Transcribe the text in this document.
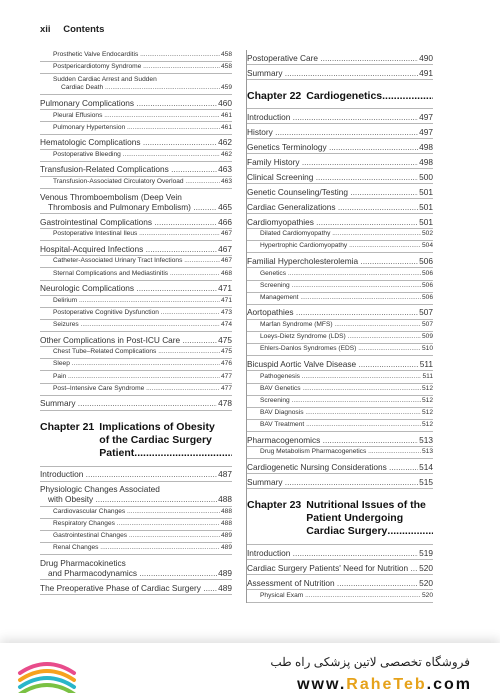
xii Contents
Prosthetic Valve Endocarditis .....	458
Postpericardiotomy Syndrome .....	458
Sudden Cardiac Arrest and Sudden
Cardiac Death .....	459
Pulmonary Complications .....	460
Pleural Effusions .....	461
Pulmonary Hypertension .....	461
Hematologic Complications .....	462
Postoperative Bleeding .....	462
Transfusion-Related Complications .....	463
Transfusion-Associated Circulatory Overload .....	463
Venous Thromboembolism (Deep Vein
Thrombosis and Pulmonary Embolism) .....	465
Gastrointestinal Complications .....	466
Postoperative Intestinal Ileus .....	467
Hospital-Acquired Infections .....	467
Catheter-Associated Urinary Tract Infections .....	467
Sternal Complications and Mediastinitis .....	468
Neurologic Complications .....	471
Delirium .....	471
Postoperative Cognitive Dysfunction .....	473
Seizures .....	474
Other Complications in Post-ICU Care .....	475
Chest Tube–Related Complications .....	475
Sleep .....	476
Pain .....	477
Post–Intensive Care Syndrome .....	477
Summary .....	478
Chapter 21 Implications of Obesity
of the Cardiac Surgery
Patient
.....
Introduction .....	487
Physiologic Changes Associated
with Obesity .....	488
Cardiovascular Changes .....	488
Respiratory Changes .....	488
Gastrointestinal Changes .....	489
Renal Changes .....	489
Drug Pharmacokinetics
and Pharmacodynamics .....	489
The Preoperative Phase of Cardiac Surgery .....	489
Postoperative Care .....	490
Summary .....	491
Chapter 22 Cardiogenetics
.....
Introduction .....	497
History .....	497
Genetics Terminology .....	498
Family History .....	498
Clinical Screening .....	500
Genetic Counseling/Testing .....	501
Cardiac Generalizations .....	501
Cardiomyopathies .....	501
Dilated Cardiomyopathy .....	502
Hypertrophic Cardiomyopathy .....	504
Familial Hypercholesterolemia .....	506
Genetics .....	506
Screening .....	506
Management .....	506
Aortopathies .....	507
Marfan Syndrome (MFS) .....	507
Loeys-Dietz Syndrome (LDS) .....	509
Ehlers-Danlos Syndromes (EDS) .....	510
Bicuspid Aortic Valve Disease .....	511
Pathogenesis .....	511
BAV Genetics .....	512
Screening .....	512
BAV Diagnosis .....	512
BAV Treatment .....	512
Pharmacogenomics .....	513
Drug Metabolism Pharmacogenetics .....	513
Cardiogenetic Nursing Considerations .....	514
Summary .....	515
Chapter 23 Nutritional Issues of the
Patient Undergoing
Cardiac Surgery
.....
Introduction .....	519
Cardiac Surgery Patients' Need for Nutrition .....	520
Assessment of Nutrition .....	520
Physical Exam .....	520
فروشگاه تخصصی لاتین پزشکی راه طب
www.RaheTeb.com
